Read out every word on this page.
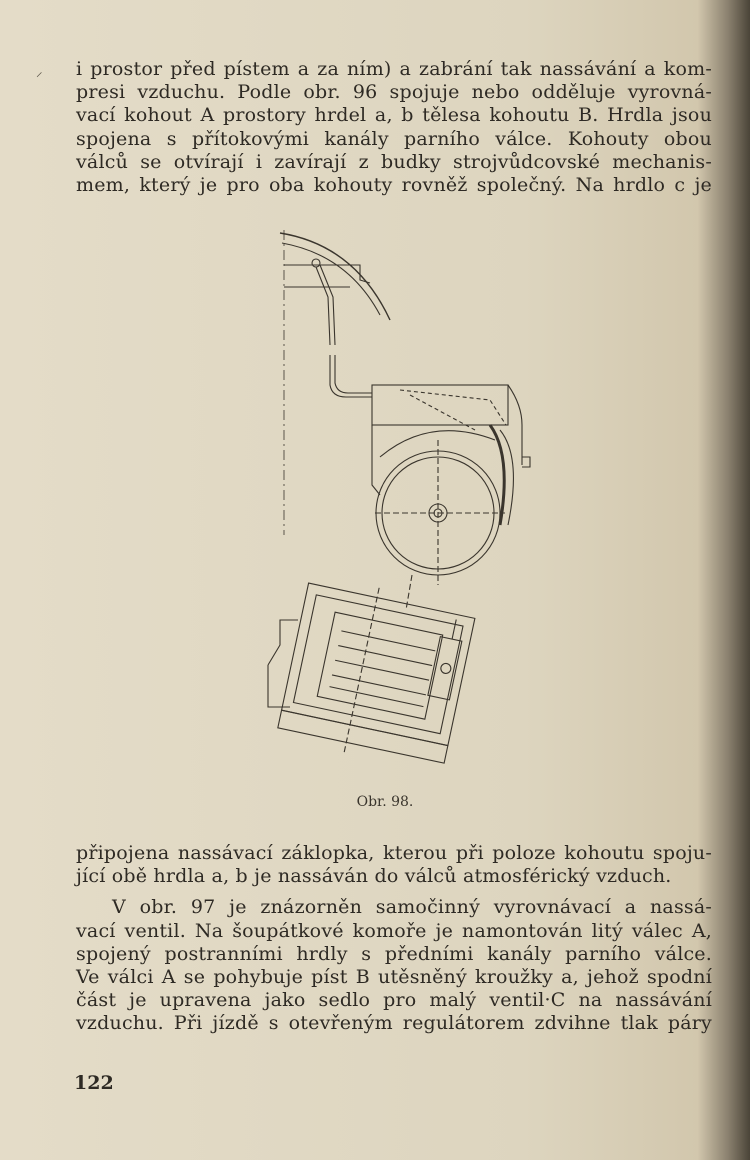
⸝ i prostor před pístem a za ním) a zabrání tak nassávání a kom-
presi vzduchu. Podle obr. 96 spojuje nebo odděluje vyrovná-
vací kohout A prostory hrdel a, b tělesa kohoutu B. Hrdla jsou
spojena s přítokovými kanály parního válce. Kohouty obou
válců se otvírají i zavírají z budky strojvůdcovské mechanis-
mem, který je pro oba kohouty rovněž společný. Na hrdlo c je
Obr. 98.
připojena nassávací záklopka, kterou při poloze kohoutu spoju-
jící obě hrdla a, b je nassáván do válců atmosférický vzduch.
V obr. 97 je znázorněn samočinný vyrovnávací a nassá-
vací ventil. Na šoupátkové komoře je namontován litý válec A,
spojený postranními hrdly s předními kanály parního válce.
Ve válci A se pohybuje píst B utěsněný kroužky a, jehož spodní
část je upravena jako sedlo pro malý ventil·C na nassávání
vzduchu. Při jízdě s otevřeným regulátorem zdvihne tlak páry
122
